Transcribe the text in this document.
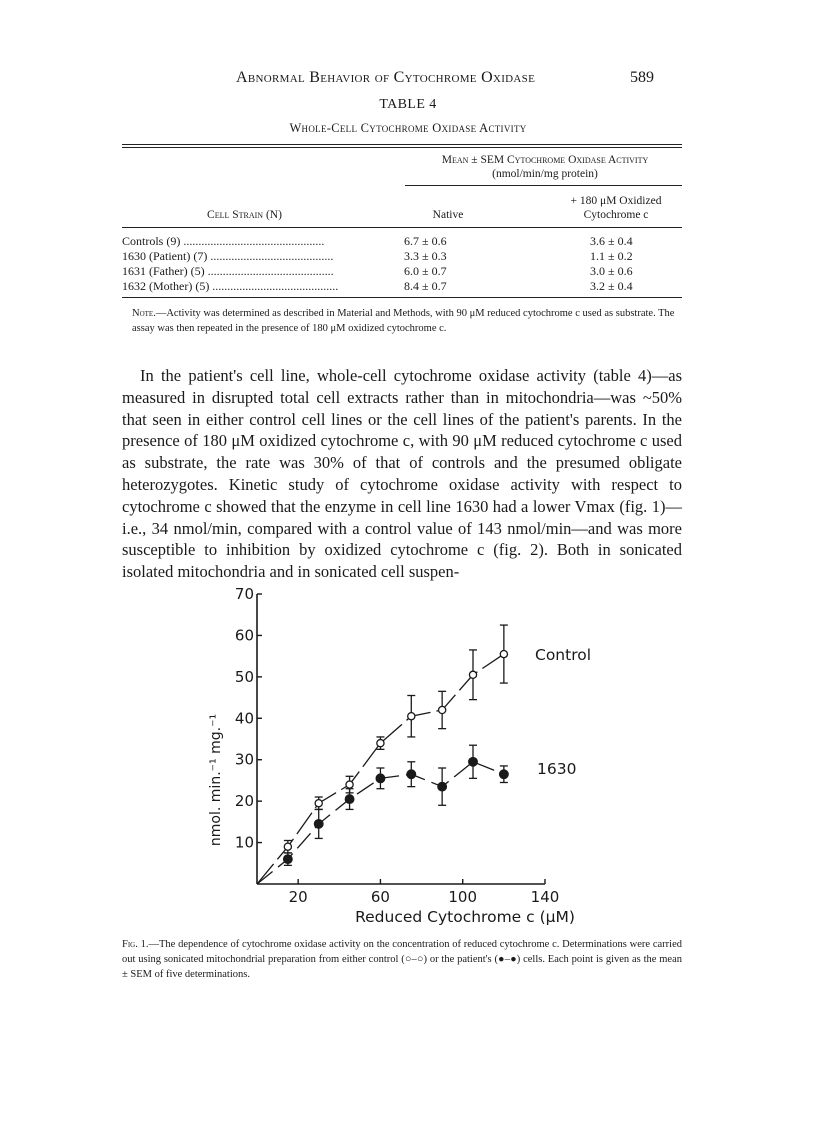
Abnormal Behavior of Cytochrome Oxidase	589
TABLE 4
Whole-Cell Cytochrome Oxidase Activity
Mean ± SEM Cytochrome Oxidase Activity
(nmol/min/mg protein)
Cell Strain (N)	Native
+ 180 μM Oxidized
Cytochrome c
Controls (9) ...............................................	6.7 ± 0.6	3.6 ± 0.4
1630 (Patient) (7) .........................................	3.3 ± 0.3	1.1 ± 0.2
1631 (Father) (5) ..........................................	6.0 ± 0.7	3.0 ± 0.6
1632 (Mother) (5) ..........................................	8.4 ± 0.7	3.2 ± 0.4
Note.—Activity was determined as described in Material and Methods, with 90 μM reduced cytochrome c used as substrate. The assay was then repeated in the presence of 180 μM oxidized cytochrome c.
In the patient's cell line, whole-cell cytochrome oxidase activity (table 4)—as measured in disrupted total cell extracts rather than in mitochondria—was ~50% that seen in either control cell lines or the cell lines of the patient's parents. In the presence of 180 μM oxidized cytochrome c, with 90 μM reduced cytochrome c used as substrate, the rate was 30% of that of controls and the presumed obligate heterozygotes. Kinetic study of cytochrome oxidase activity with respect to cytochrome c showed that the enzyme in cell line 1630 had a lower Vmax (fig. 1)—i.e., 34 nmol/min, compared with a control value of 143 nmol/min—and was more susceptible to inhibition by oxidized cytochrome c (fig. 2). Both in sonicated isolated mitochondria and in sonicated cell suspen-
10
20
30
40
50
60
70
20	60	100	140
nmol. min.⁻¹ mg.⁻¹
Reduced Cytochrome c (μM)
Control
1630
Fig. 1.—The dependence of cytochrome oxidase activity on the concentration of reduced cytochrome c. Determinations were carried out using sonicated mitochondrial preparation from either control (○–○) or the patient's (●–●) cells. Each point is given as the mean ± SEM of five determinations.
